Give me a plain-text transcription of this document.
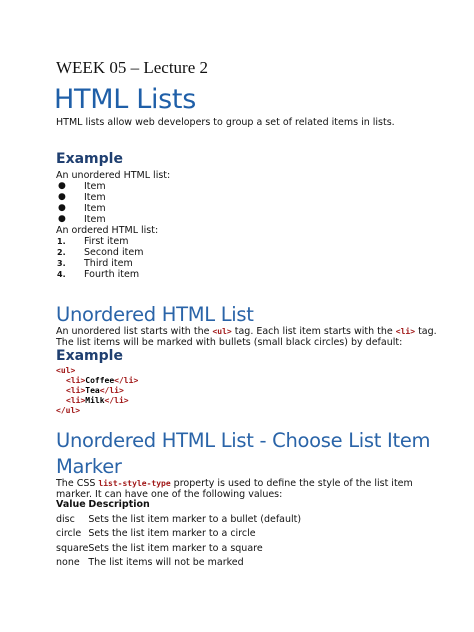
WEEK 05 – Lecture 2
HTML Lists
HTML lists allow web developers to group a set of related items in lists.
Example
An unordered HTML list:
● Item
● Item
● Item
● Item
An ordered HTML list:
1. First item
2. Second item
3. Third item
4. Fourth item
Unordered HTML List
An unordered list starts with the <ul> tag. Each list item starts with the <li> tag.
The list items will be marked with bullets (small black circles) by default:
Example
<ul>
<li>Coffee</li>
<li>Tea</li>
<li>Milk</li>
</ul>
Unordered HTML List - Choose List Item
Marker
The CSS list-style-type property is used to define the style of the list item
marker. It can have one of the following values:
Value	Description
disc	Sets the list item marker to a bullet (default)
circle	Sets the list item marker to a circle
square	Sets the list item marker to a square
none	The list items will not be marked
